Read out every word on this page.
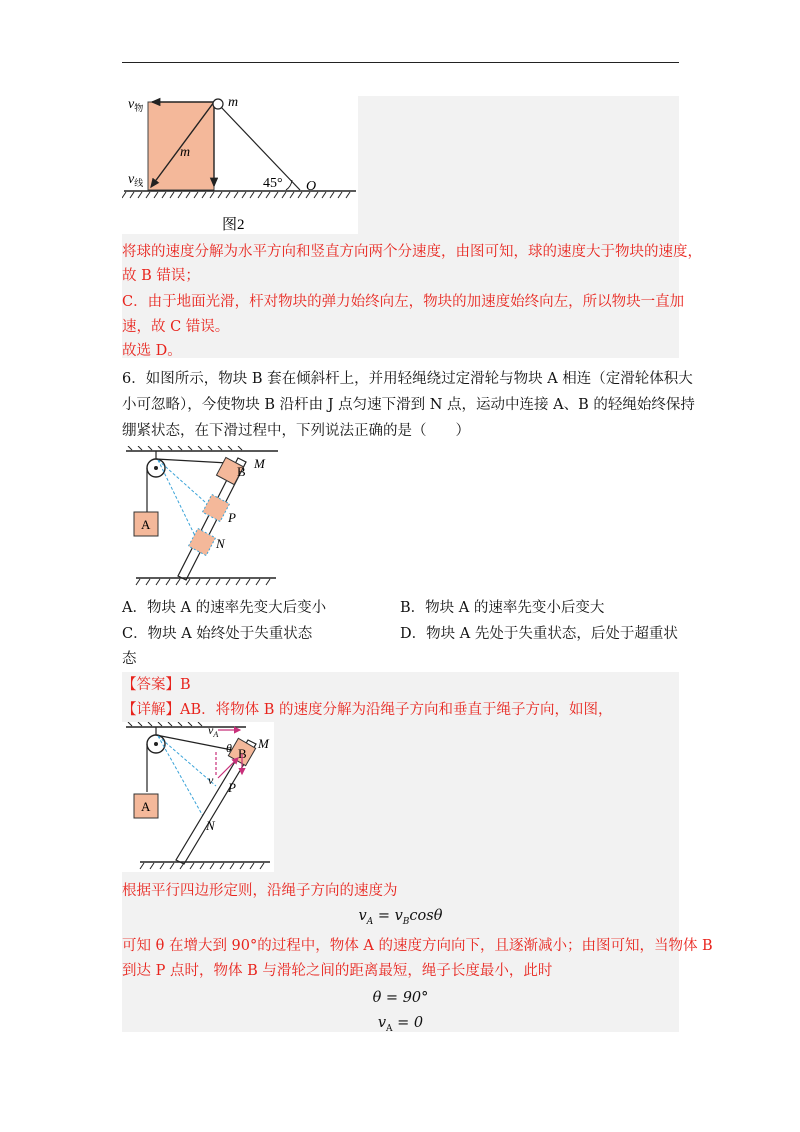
$v_物$
$v_线$
m
m
45° O
图2
将球的速度分解为水平方向和竖直方向两个分速度，由图可知，球的速度大于物块的速度，
故 B 错误；
C．由于地面光滑，杆对物块的弹力始终向左，物块的加速度始终向左，所以物块一直加
速，故 C 错误。
故选 D。
6．如图所示，物块 B 套在倾斜杆上，并用轻绳绕过定滑轮与物块 A 相连（定滑轮体积大
小可忽略），今使物块 B 沿杆由 J 点匀速下滑到 N 点，运动中连接 A、B 的轻绳始终保持
绷紧状态，在下滑过程中，下列说法正确的是（　　）
A
B
M
P
N
A．物块 A 的速率先变大后变小	B．物块 A 的速率先变小后变大
C．物块 A 始终处于失重状态	D．物块 A 先处于失重状态，后处于超重状
态
【答案】B
【详解】AB．将物体 B 的速度分解为沿绳子方向和垂直于绳子方向，如图，
A
B
$v_A$
θ
v
M
P
N
根据平行四边形定则，沿绳子方向的速度为
$v_A = v_B\cos\theta$
可知 θ 在增大到 90°的过程中，物体 A 的速度方向向下，且逐渐减小；由图可知，当物体 B
到达 P 点时，物体 B 与滑轮之间的距离最短，绳子长度最小，此时
θ = 90°
$v_A = 0$
